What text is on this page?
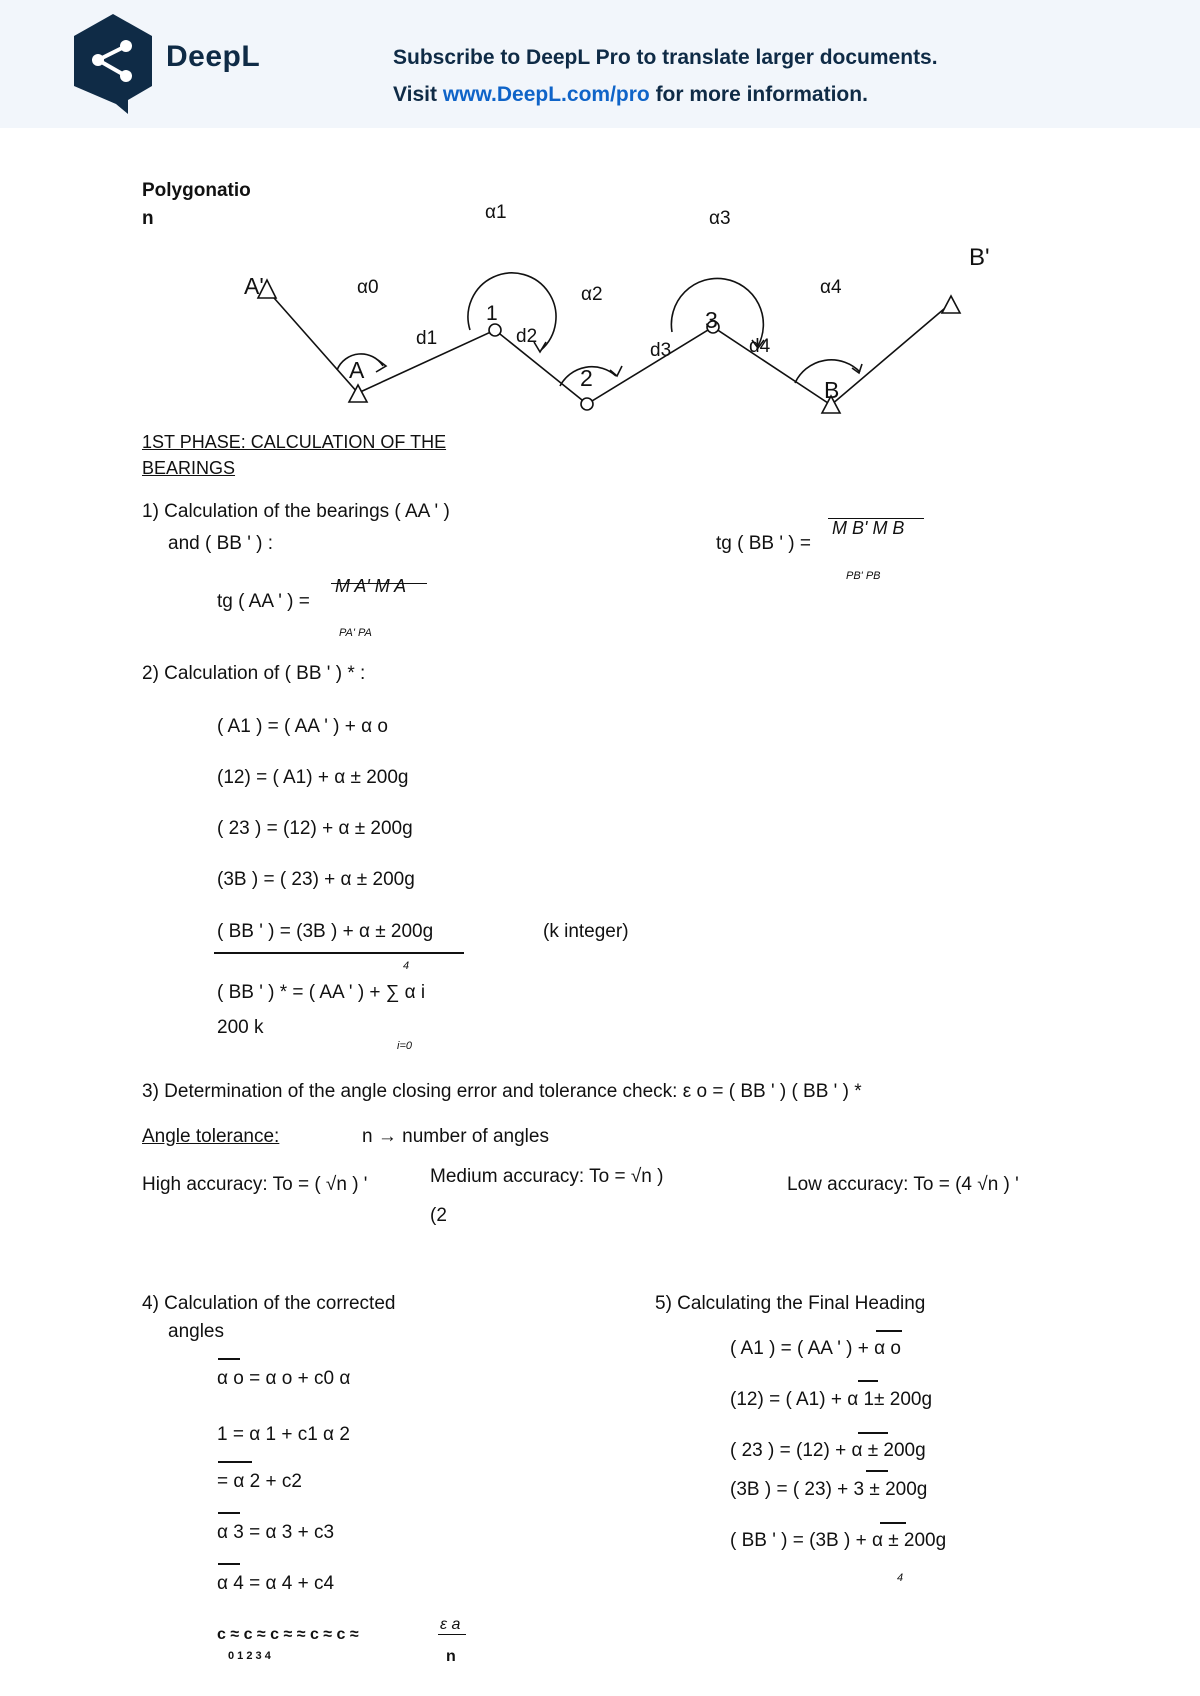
DeepL	Subscribe to DeepL Pro to translate larger documents.
Visit www.DeepL.com/pro for more information.
Polygonatio
n	α1	α3
α0	α2	α4
B'
A'
A
B
1
2
3
d1	d2
d3	d4
1ST PHASE: CALCULATION OF THE
BEARINGS
1) Calculation of the bearings ( AA ' )
and ( BB ' ) :	tg ( BB ' ) =
M B' M B
PB' PB
tg ( AA ' ) =
M A' M A
PA' PA
2) Calculation of ( BB ' ) * :
( A1 ) = ( AA ' ) + α o
(12) = ( A1) + α ± 200g
( 23 ) = (12) + α ± 200g
(3B ) = ( 23) + α ± 200g
( BB ' ) = (3B ) + α ± 200g	(k integer)
4
( BB ' ) * = ( AA ' ) + ∑ α i
200 k
i=0
3) Determination of the angle closing error and tolerance check: ε o = ( BB ' ) ( BB ' ) *
Angle tolerance:	n → number of angles
High accuracy: To = ( √n ) '	Medium accuracy: To = √n )
(2
Low accuracy: To = (4 √n ) '
4) Calculation of the corrected
angles
α o = α o + c0 α
1 = α 1 + c1 α 2
= α 2 + c2
α 3 = α 3 + c3
α 4 = α 4 + c4
c ≈ c ≈ c ≈ ≈ c ≈ c ≈
0 1 2 3 4
ε a
n
5) Calculating the Final Heading
( A1 ) = ( AA ' ) + α o
(12) = ( A1) + α 1± 200g
( 23 ) = (12) + α ± 200g
(3B ) = ( 23) + 3 ± 200g
( BB ' ) = (3B ) + α ± 200g
4
